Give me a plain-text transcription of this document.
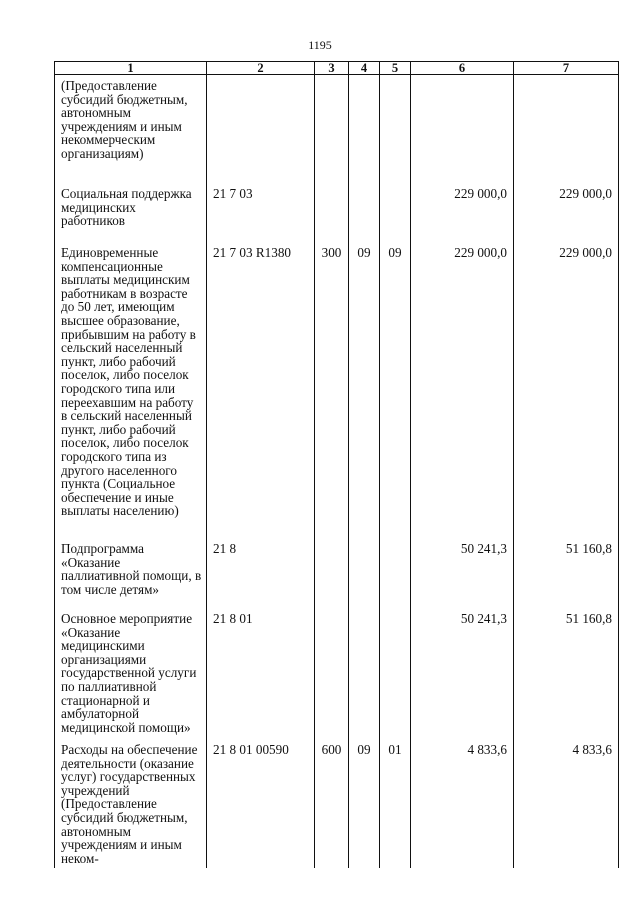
1195
1	2	3	4	5	6	7
(Предоставление субсидий бюджетным, автономным учреждениям и иным некоммерческим организациям)						
Социальная поддержка медицинских работников	21 7 03				229 000,0	229 000,0
Единовременные компенсационные выплаты медицинским работникам в возрасте до 50 лет, имеющим высшее образование, прибывшим на работу в сельский населенный пункт, либо рабочий поселок, либо поселок городского типа или переехавшим на работу в сельский населенный пункт, либо рабочий поселок, либо поселок городского типа из другого населенного пункта (Социальное обеспечение и иные выплаты населению)	21 7 03 R1380	300	09	09	229 000,0	229 000,0
Подпрограмма «Оказание паллиативной помощи, в том числе детям»	21 8				50 241,3	51 160,8
Основное мероприятие «Оказание медицинскими организациями государственной услуги по паллиативной стационарной и амбулаторной медицинской помощи»	21 8 01				50 241,3	51 160,8
Расходы на обеспечение деятельности (оказание услуг) государственных учреждений (Предоставление субсидий бюджетным, автономным учреждениям и иным неком-	21 8 01 00590	600	09	01	4 833,6	4 833,6
